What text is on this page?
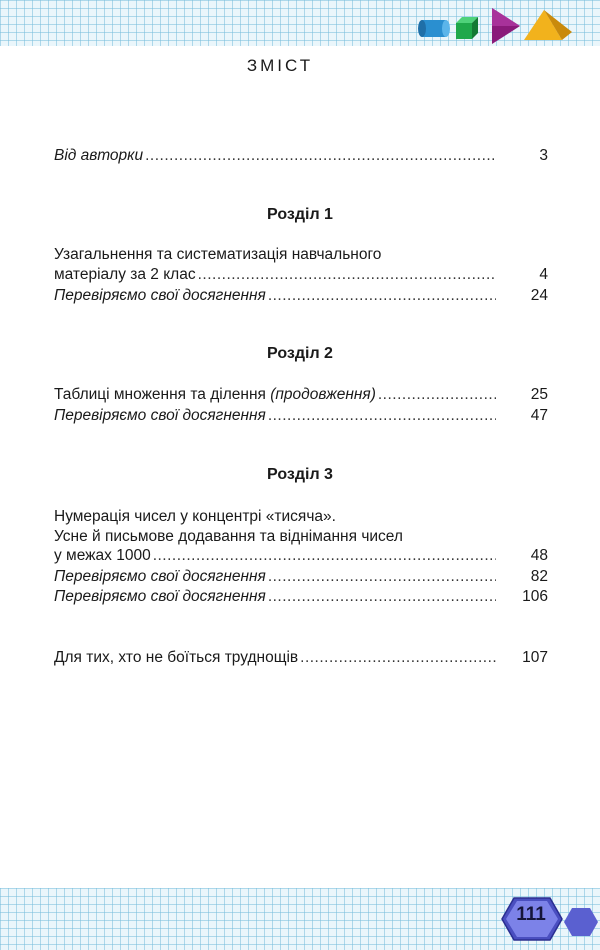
ЗМІСТ
Від авторки .....	3
Розділ 1
Узагальнення та систематизація навчального
матеріалу за 2 клас .....	4
Перевіряємо свої досягнення .....	24
Розділ 2
Таблиці множення та ділення (продовження) .....	25
Перевіряємо свої досягнення .....	47
Розділ 3
Нумерація чисел у концентрі «тисяча».
Усне й письмове додавання та віднімання чисел
у межах 1000 .....	48
Перевіряємо свої досягнення .....	82
Перевіряємо свої досягнення .....	106
Для тих, хто не боїться труднощів .....	107
111
